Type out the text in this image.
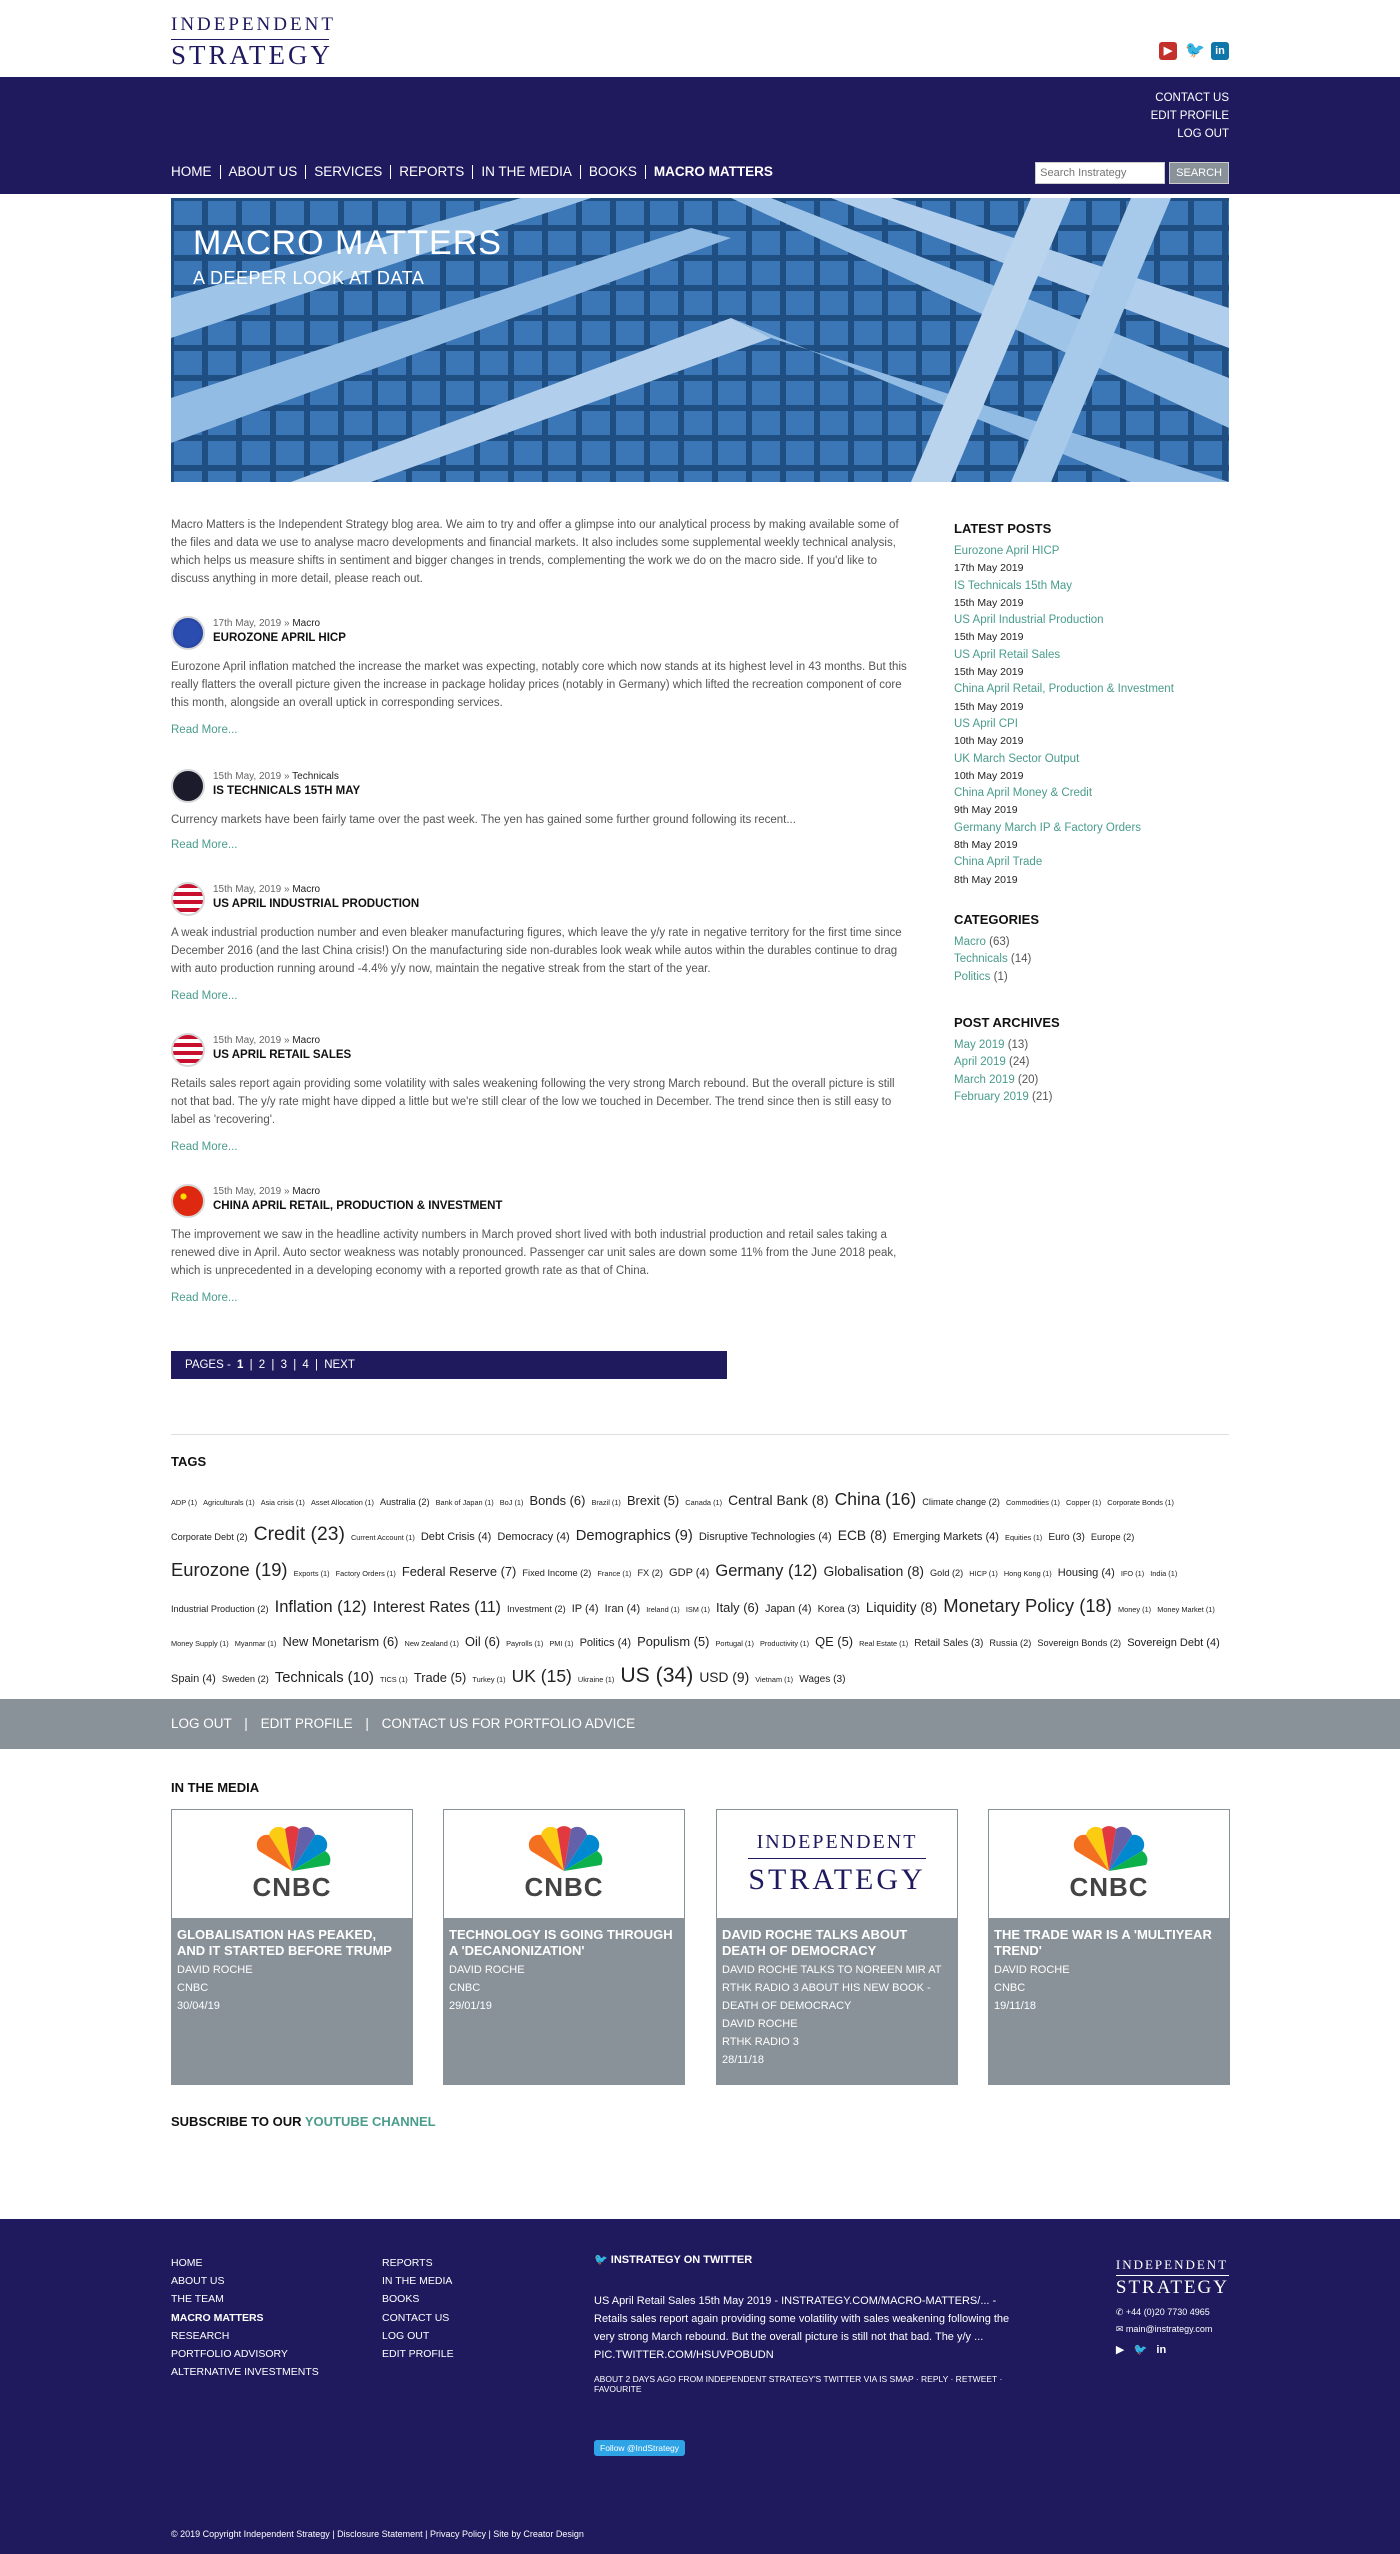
INDEPENDENT
STRATEGY	▶ 🐦 in
CONTACT US
EDIT PROFILE
LOG OUT
HOME	ABOUT US	SERVICES	REPORTS	IN THE MEDIA	BOOKS	MACRO MATTERS
Search Instrategy	SEARCH
MACRO MATTERS
A DEEPER LOOK AT DATA

Macro Matters is the Independent Strategy blog area. We aim to try and offer a glimpse into our analytical process by making available some of the files and data we use to analyse macro developments and financial markets. It also includes some supplemental weekly technical analysis, which helps us measure shifts in sentiment and bigger changes in trends, complementing the work we do on the macro side. If you'd like to discuss anything in more detail, please reach out.

17th May, 2019 » Macro
EUROZONE APRIL HICP

Eurozone April inflation matched the increase the market was expecting, notably core which now stands at its highest level in 43 months. But this really flatters the overall picture given the increase in package holiday prices (notably in Germany) which lifted the recreation component of core this month, alongside an overall uptick in corresponding services.

Read More...
15th May, 2019 » Technicals
IS TECHNICALS 15TH MAY

Currency markets have been fairly tame over the past week. The yen has gained some further ground following its recent...

Read More...
15th May, 2019 » Macro
US APRIL INDUSTRIAL PRODUCTION

A weak industrial production number and even bleaker manufacturing figures, which leave the y/y rate in negative territory for the first time since December 2016 (and the last China crisis!) On the manufacturing side non-durables look weak while autos within the durables continue to drag with auto production running around -4.4% y/y now, maintain the negative streak from the start of the year.

Read More...
15th May, 2019 » Macro
US APRIL RETAIL SALES

Retails sales report again providing some volatility with sales weakening following the very strong March rebound. But the overall picture is still not that bad. The y/y rate might have dipped a little but we're still clear of the low we touched in December. The trend since then is still easy to label as 'recovering'.

Read More...
15th May, 2019 » Macro
CHINA APRIL RETAIL, PRODUCTION & INVESTMENT

The improvement we saw in the headline activity numbers in March proved short lived with both industrial production and retail sales taking a renewed dive in April. Auto sector weakness was notably pronounced. Passenger car unit sales are down some 11% from the June 2018 peak, which is unprecedented in a developing economy with a reported growth rate as that of China.

Read More...
PAGES - 1 | 2 | 3 | 4 | NEXT
LATEST POSTS
Eurozone April HICP
17th May 2019
IS Technicals 15th May
15th May 2019
US April Industrial Production
15th May 2019
US April Retail Sales
15th May 2019
China April Retail, Production & Investment
15th May 2019
US April CPI
10th May 2019
UK March Sector Output
10th May 2019
China April Money & Credit
9th May 2019
Germany March IP & Factory Orders
8th May 2019
China April Trade
8th May 2019
CATEGORIES
Macro (63)
Technicals (14)
Politics (1)
POST ARCHIVES
May 2019 (13)
April 2019 (24)
March 2019 (20)
February 2019 (21)
TAGS
ADP (1) Agriculturals (1) Asia crisis (1) Asset Allocation (1) Australia (2) Bank of Japan (1) BoJ (1) Bonds (6) Brazil (1) Brexit (5) Canada (1) Central Bank (8) China (16) Climate change (2) Commodities (1) Copper (1) Corporate Bonds (1) Corporate Debt (2) Credit (23) Current Account (1) Debt Crisis (4) Democracy (4) Demographics (9) Disruptive Technologies (4) ECB (8) Emerging Markets (4) Equities (1) Euro (3) Europe (2) Eurozone (19) Exports (1) Factory Orders (1) Federal Reserve (7) Fixed Income (2) France (1) FX (2) GDP (4) Germany (12) Globalisation (8) Gold (2) HICP (1) Hong Kong (1) Housing (4) IFO (1) India (1) Industrial Production (2) Inflation (12) Interest Rates (11) Investment (2) IP (4) Iran (4) Ireland (1) ISM (1) Italy (6) Japan (4) Korea (3) Liquidity (8) Monetary Policy (18) Money (1) Money Market (1) Money Supply (1) Myanmar (1) New Monetarism (6) New Zealand (1) Oil (6) Payrolls (1) PMI (1) Politics (4) Populism (5) Portugal (1) Productivity (1) QE (5) Real Estate (1) Retail Sales (3) Russia (2) Sovereign Bonds (2) Sovereign Debt (4) Spain (4) Sweden (2) Technicals (10) TICS (1) Trade (5) Turkey (1) UK (15) Ukraine (1) US (34) USD (9) Vietnam (1) Wages (3)
LOG OUT | EDIT PROFILE | CONTACT US FOR PORTFOLIO ADVICE
IN THE MEDIA
CNBC
GLOBALISATION HAS PEAKED, AND IT STARTED BEFORE TRUMP
DAVID ROCHE
CNBC
30/04/19
CNBC
TECHNOLOGY IS GOING THROUGH A 'DECANONIZATION'
DAVID ROCHE
CNBC
29/01/19
INDEPENDENT
STRATEGY
DAVID ROCHE TALKS ABOUT DEATH OF DEMOCRACY
DAVID ROCHE TALKS TO NOREEN MIR AT RTHK RADIO 3 ABOUT HIS NEW BOOK - DEATH OF DEMOCRACY
DAVID ROCHE
RTHK RADIO 3
28/11/18
CNBC
THE TRADE WAR IS A 'MULTIYEAR TREND'
DAVID ROCHE
CNBC
19/11/18
SUBSCRIBE TO OUR YOUTUBE CHANNEL
HOME
ABOUT US
THE TEAM
MACRO MATTERS
RESEARCH
PORTFOLIO ADVISORY
ALTERNATIVE INVESTMENTS
REPORTS
IN THE MEDIA
BOOKS
CONTACT US
LOG OUT
EDIT PROFILE
🐦 INSTRATEGY ON TWITTER

US April Retail Sales 15th May 2019 - INSTRATEGY.COM/MACRO-MATTERS/... - Retails sales report again providing some volatility with sales weakening following the very strong March rebound. But the overall picture is still not that bad. The y/y ... PIC.TWITTER.COM/HSUVPOBUDN

ABOUT 2 DAYS AGO FROM INDEPENDENT STRATEGY'S TWITTER VIA IS SMAP · REPLY · RETWEET · FAVOURITE
Follow @IndStrategy
INDEPENDENT
STRATEGY
✆ +44 (0)20 7730 4965
✉ main@instrategy.com
▶ 🐦 in
© 2019 Copyright Independent Strategy | Disclosure Statement | Privacy Policy | Site by Creator Design
